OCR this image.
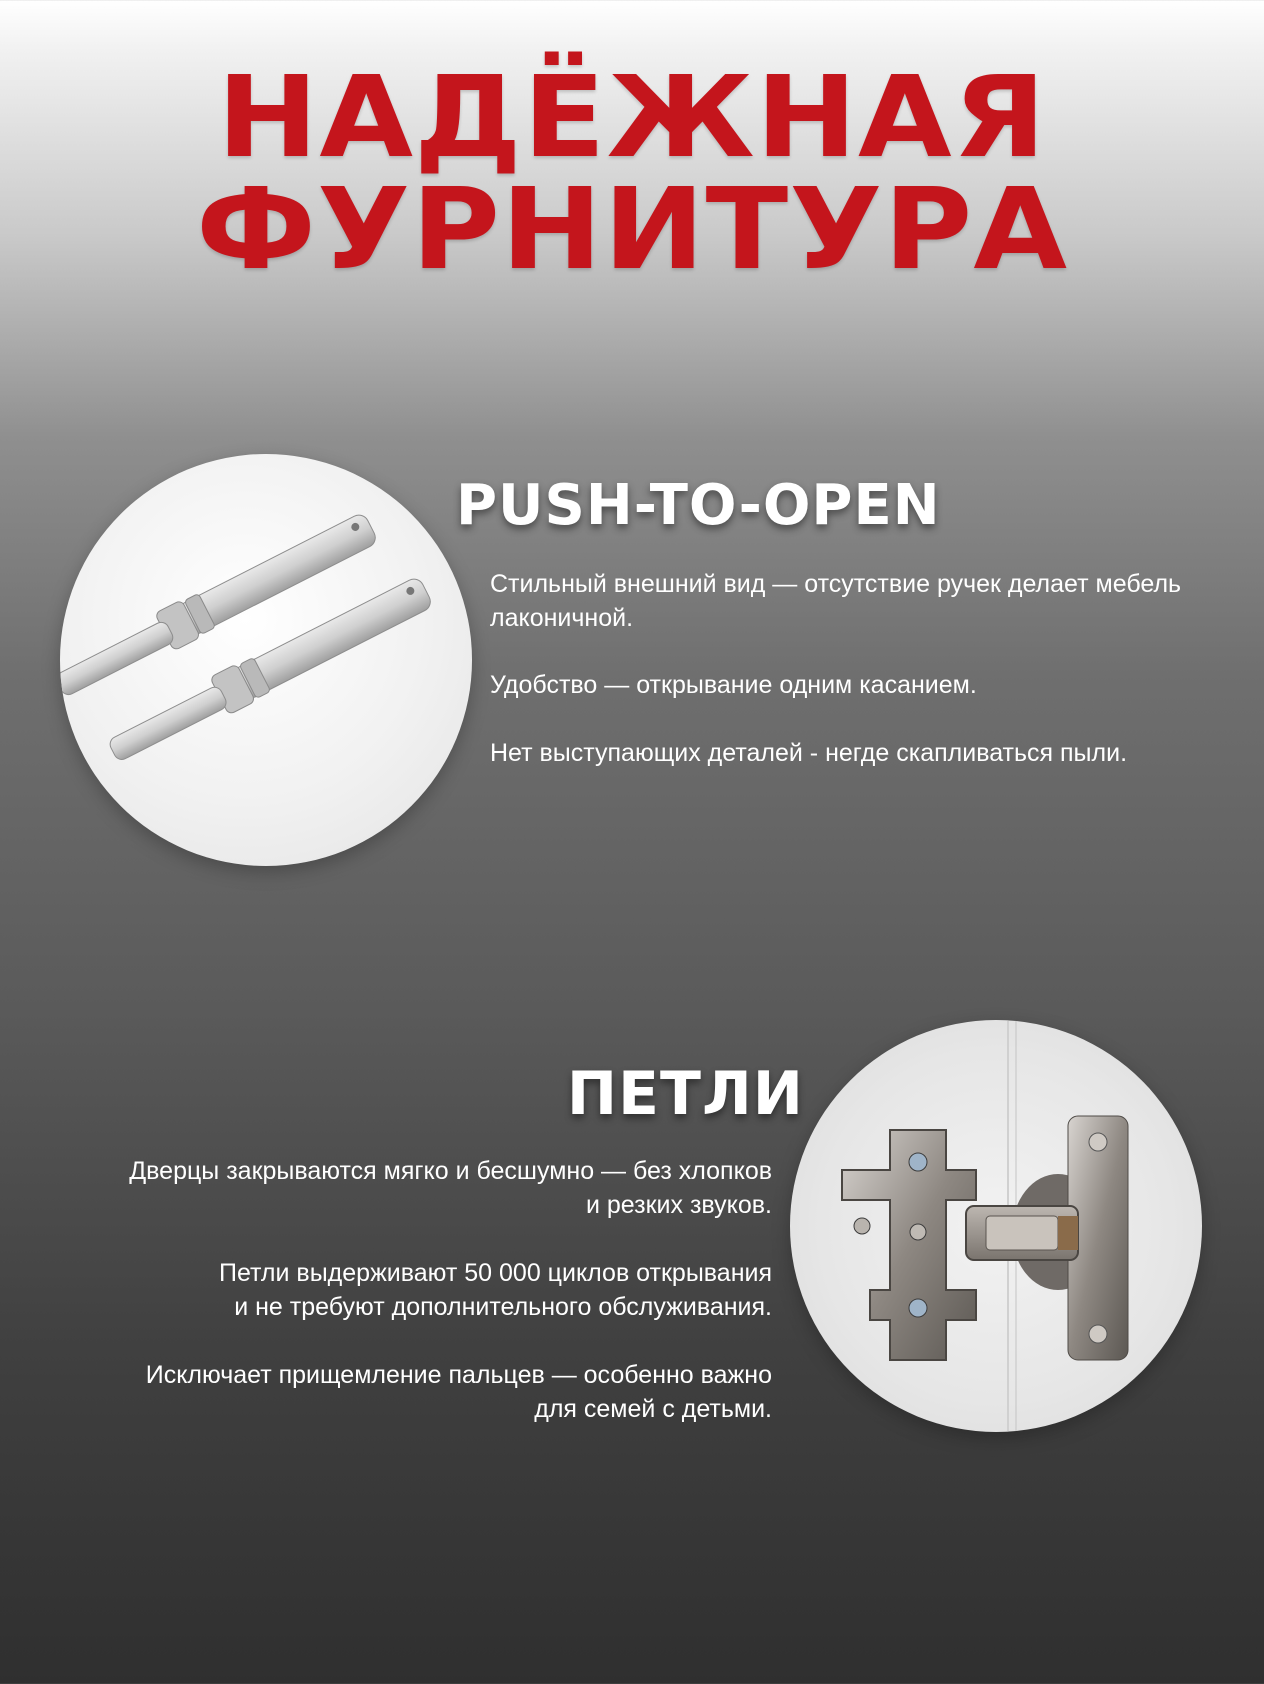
НАДЁЖНАЯ
ФУРНИТУРА
PUSH-TO-OPEN
Стильный внешний вид — отсутствие ручек делает мебель
лаконичной.
Удобство — открывание одним касанием.
Нет выступающих деталей - негде скапливаться пыли.
ПЕТЛИ
Дверцы закрываются мягко и бесшумно — без хлопков
и резких звуков.
Петли выдерживают 50 000 циклов открывания
и не требуют дополнительного обслуживания.
Исключает прищемление пальцев — особенно важно
для семей с детьми.
